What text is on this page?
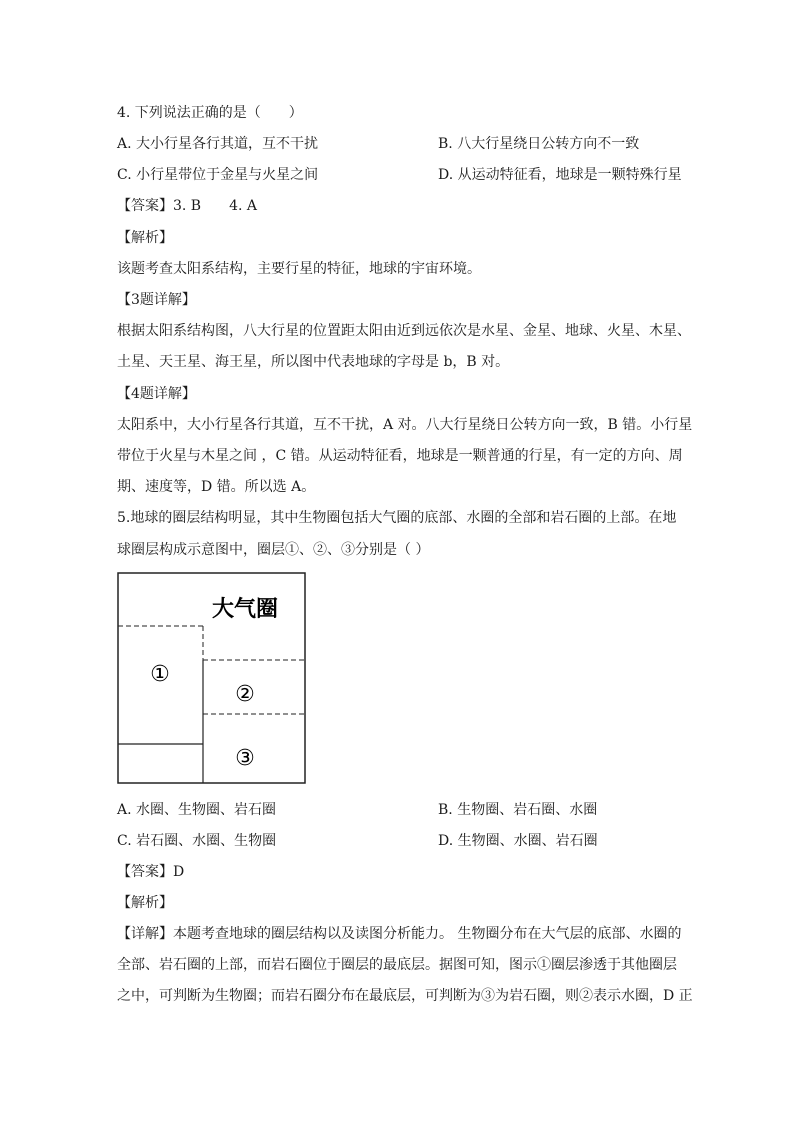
4. 下列说法正确的是（　　）
A. 大小行星各行其道，互不干扰	B. 八大行星绕日公转方向不一致
C. 小行星带位于金星与火星之间	D. 从运动特征看，地球是一颗特殊行星
【答案】3. B　　4. A
【解析】
该题考查太阳系结构，主要行星的特征，地球的宇宙环境。
【3题详解】
根据太阳系结构图，八大行星的位置距太阳由近到远依次是水星、金星、地球、火星、木星、
土星、天王星、海王星，所以图中代表地球的字母是 b，B 对。
【4题详解】
太阳系中，大小行星各行其道，互不干扰，A 对。八大行星绕日公转方向一致，B 错。小行星
带位于火星与木星之间 ，C 错。从运动特征看，地球是一颗普通的行星，有一定的方向、周
期、速度等，D 错。所以选 A。
5.地球的圈层结构明显，其中生物圈包括大气圈的底部、水圈的全部和岩石圈的上部。在地
球圈层构成示意图中，圈层①、②、③分别是（ ）
大气圈
①
②
③
A. 水圈、生物圈、岩石圈	B. 生物圈、岩石圈、水圈
C. 岩石圈、水圈、生物圈	D. 生物圈、水圈、岩石圈
【答案】D
【解析】
【详解】本题考查地球的圈层结构以及读图分析能力。 生物圈分布在大气层的底部、水圈的
全部、岩石圈的上部，而岩石圈位于圈层的最底层。据图可知，图示①圈层渗透于其他圈层
之中，可判断为生物圈；而岩石圈分布在最底层，可判断为③为岩石圈，则②表示水圈，D 正
